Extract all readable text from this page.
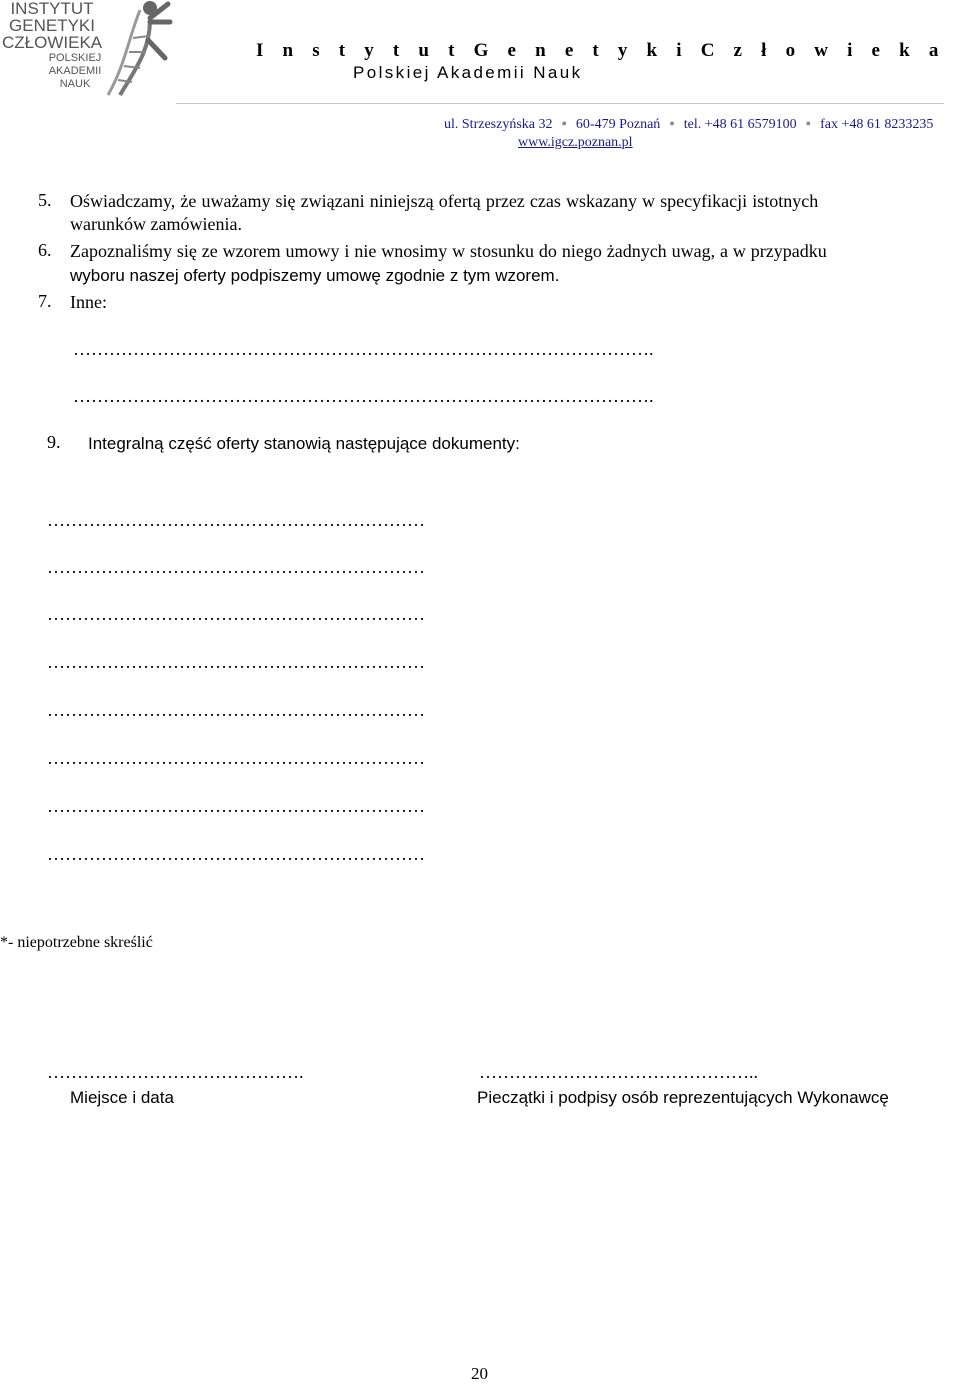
INSTYTUT
GENETYKI
CZŁOWIEKA
POLSKIEJ
AKADEMII
NAUK
I n s t y t u t G e n e t y k i C z ł o w i e k a
Polskiej Akademii Nauk
ul. Strzeszyńska 32 ● 60-479 Poznań ● tel. +48 61 6579100 ● fax +48 61 8233235
www.igcz.poznan.pl
5. Oświadczamy, że uważamy się związani niniejszą ofertą przez czas wskazany w specyfikacji istotnych
warunków zamówienia.
6. Zapoznaliśmy się ze wzorem umowy i nie wnosimy w stosunku do niego żadnych uwag, a w przypadku
wyboru naszej oferty podpiszemy umowę zgodnie z tym wzorem.
7. Inne:
…………………………………………………………………………………….
…………………………………………………………………………………….
9. Integralną część oferty stanowią następujące dokumenty:
………………………………………………………
………………………………………………………
………………………………………………………
………………………………………………………
………………………………………………………
………………………………………………………
………………………………………………………
………………………………………………………
*- niepotrzebne skreślić
…………………………………….
Miejsce i data
………………………………………..
Pieczątki i podpisy osób reprezentujących Wykonawcę
20
